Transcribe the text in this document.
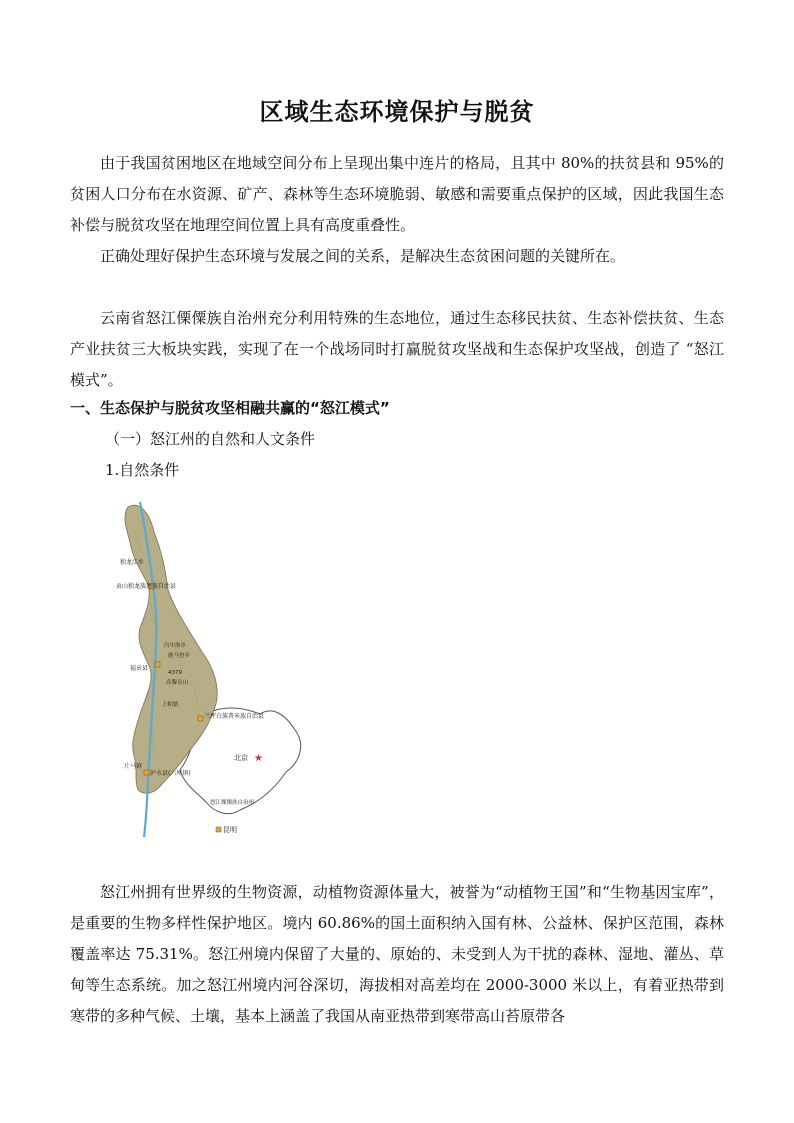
区域生态环境保护与脱贫
由于我国贫困地区在地域空间分布上呈现出集中连片的格局，且其中 80%的扶贫县和 95%的贫困人口分布在水资源、矿产、森林等生态环境脆弱、敏感和需要重点保护的区域，因此我国生态补偿与脱贫攻坚在地理空间位置上具有高度重叠性。
正确处理好保护生态环境与发展之间的关系，是解决生态贫困问题的关键所在。
云南省怒江傈僳族自治州充分利用特殊的生态地位，通过生态移民扶贫、生态补偿扶贫、生态产业扶贫三大板块实践，实现了在一个战场同时打赢脱贫攻坚战和生态保护攻坚战，创造了 “怒江模式”。
一、生态保护与脱贫攻坚相融共赢的“怒江模式”
（一）怒江州的自然和人文条件
1.自然条件
★
独龙江乡
贡山独龙族怒族自治县
丙中洛乡
鹿马登乡
福贡县
4379
高黎贡山
上帕镇
兰坪白族普米族自治县
北京
片马镇
泸水县(六库镇)
怒江傈僳族自治州
昆明
怒江州拥有世界级的生物资源，动植物资源体量大，被誉为“动植物王国”和“生物基因宝库”，是重要的生物多样性保护地区。境内 60.86%的国土面积纳入国有林、公益林、保护区范围，森林覆盖率达 75.31%。怒江州境内保留了大量的、原始的、未受到人为干扰的森林、湿地、灌丛、草甸等生态系统。加之怒江州境内河谷深切，海拔相对高差均在 2000-3000 米以上，有着亚热带到寒带的多种气候、土壤，基本上涵盖了我国从南亚热带到寒带高山苔原带各
